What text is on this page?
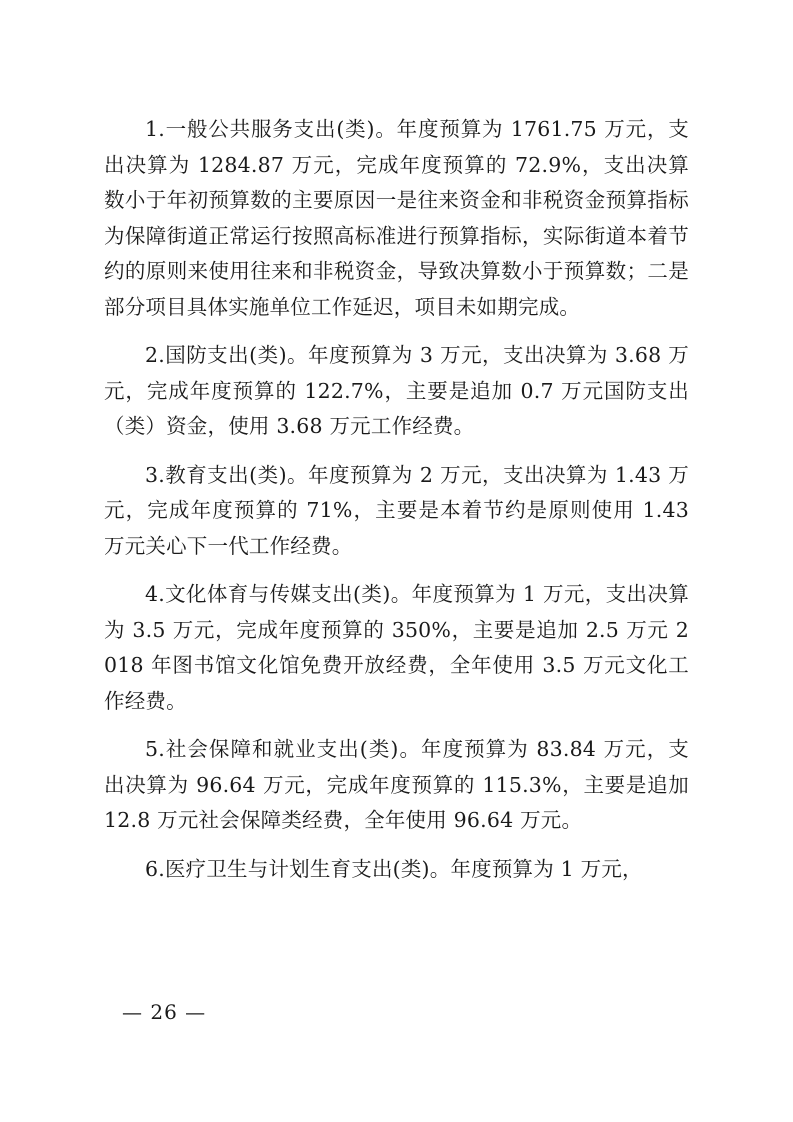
1.一般公共服务支出(类)。年度预算为 1761.75 万元，支出决算为 1284.87 万元，完成年度预算的 72.9%，支出决算数小于年初预算数的主要原因一是往来资金和非税资金预算指标为保障街道正常运行按照高标准进行预算指标，实际街道本着节约的原则来使用往来和非税资金，导致决算数小于预算数；二是部分项目具体实施单位工作延迟，项目未如期完成。

2.国防支出(类)。年度预算为 3 万元，支出决算为 3.68 万元，完成年度预算的 122.7%，主要是追加 0.7 万元国防支出（类）资金，使用 3.68 万元工作经费。

3.教育支出(类)。年度预算为 2 万元，支出决算为 1.43 万元，完成年度预算的 71%，主要是本着节约是原则使用 1.43 万元关心下一代工作经费。

4.文化体育与传媒支出(类)。年度预算为 1 万元，支出决算为 3.5 万元，完成年度预算的 350%，主要是追加 2.5 万元 2018 年图书馆文化馆免费开放经费，全年使用 3.5 万元文化工作经费。

5.社会保障和就业支出(类)。年度预算为 83.84 万元，支出决算为 96.64 万元，完成年度预算的 115.3%，主要是追加 12.8 万元社会保障类经费，全年使用 96.64 万元。

6.医疗卫生与计划生育支出(类)。年度预算为 1 万元，

— 26 —
